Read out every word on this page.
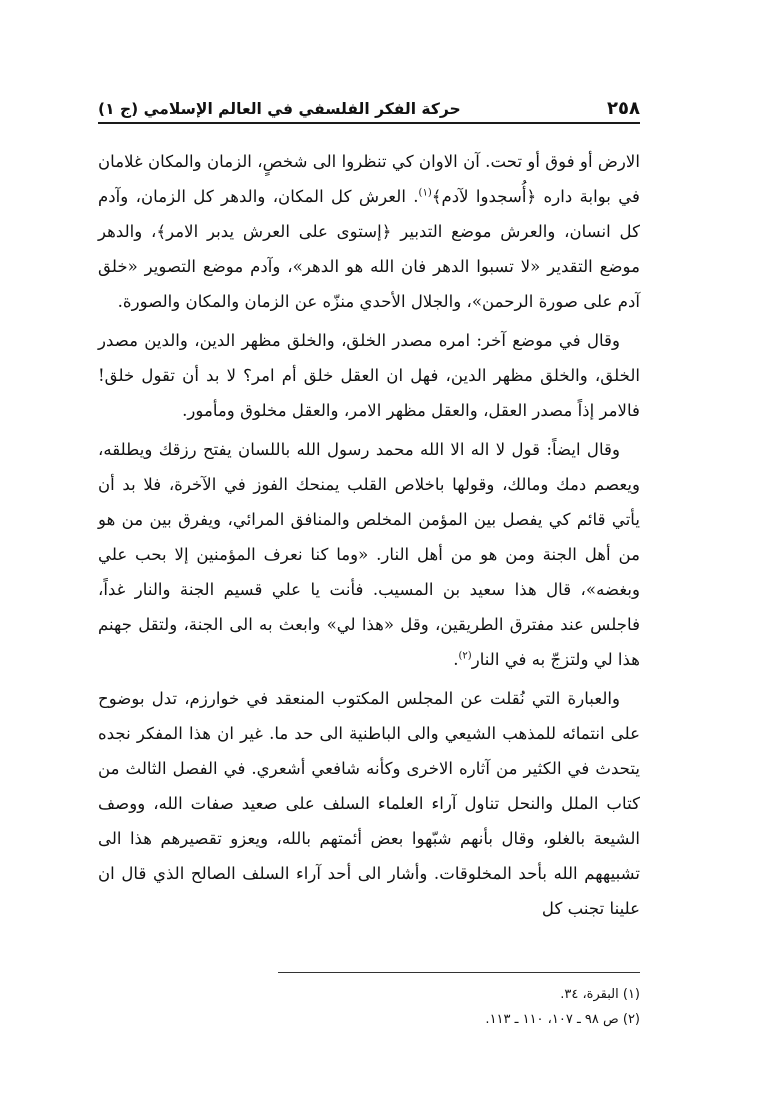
٢٥٨
حركة الفكر الفلسفي في العالم الإسلامي (ج ١)

الارض أو فوق أو تحت. آن الاوان كي تنظروا الى شخصٍ، الزمان والمكان غلامان في بوابة داره ﴿أُسجدوا لآدم﴾$^{(١)}$. العرش كل المكان، والدهر كل الزمان، وآدم كل انسان، والعرش موضع التدبير ﴿إستوى على العرش يدبر الامر﴾، والدهر موضع التقدير «لا تسبوا الدهر فان الله هو الدهر»، وآدم موضع التصوير «خلق آدم على صورة الرحمن»، والجلال الأحدي منزّه عن الزمان والمكان والصورة.

وقال في موضع آخر: امره مصدر الخلق، والخلق مظهر الدين، والدين مصدر الخلق، والخلق مظهر الدين، فهل ان العقل خلق أم امر؟ لا بد أن تقول خلق! فالامر إذاً مصدر العقل، والعقل مظهر الامر، والعقل مخلوق ومأمور.

وقال ايضاً: قول لا اله الا الله محمد رسول الله باللسان يفتح رزقك ويطلقه، ويعصم دمك ومالك، وقولها باخلاص القلب يمنحك الفوز في الآخرة، فلا بد أن يأتي قائم كي يفصل بين المؤمن المخلص والمنافق المرائي، ويفرق بين من هو من أهل الجنة ومن هو من أهل النار. «وما كنا نعرف المؤمنين إلا بحب علي وبغضه»، قال هذا سعيد بن المسيب. فأنت يا علي قسيم الجنة والنار غداً، فاجلس عند مفترق الطريقين، وقل «هذا لي» وابعث به الى الجنة، ولتقل جهنم هذا لي ولتزجّ به في النار$^{(٢)}$.

والعبارة التي نُقلت عن المجلس المكتوب المنعقد في خوارزم، تدل بوضوح على انتمائه للمذهب الشيعي والى الباطنية الى حد ما. غير ان هذا المفكر نجده يتحدث في الكثير من آثاره الاخرى وكأنه شافعي أشعري. في الفصل الثالث من كتاب الملل والنحل تناول آراء العلماء السلف على صعيد صفات الله، ووصف الشيعة بالغلو، وقال بأنهم شبّهوا بعض أئمتهم بالله، ويعزو تقصيرهم هذا الى تشبيههم الله بأحد المخلوقات. وأشار الى أحد آراء السلف الصالح الذي قال ان علينا تجنب كل

(١) البقرة، ٣٤.
(٢) ص ٩٨ ـ ١٠٧، ١١٠ ـ ١١٣.
